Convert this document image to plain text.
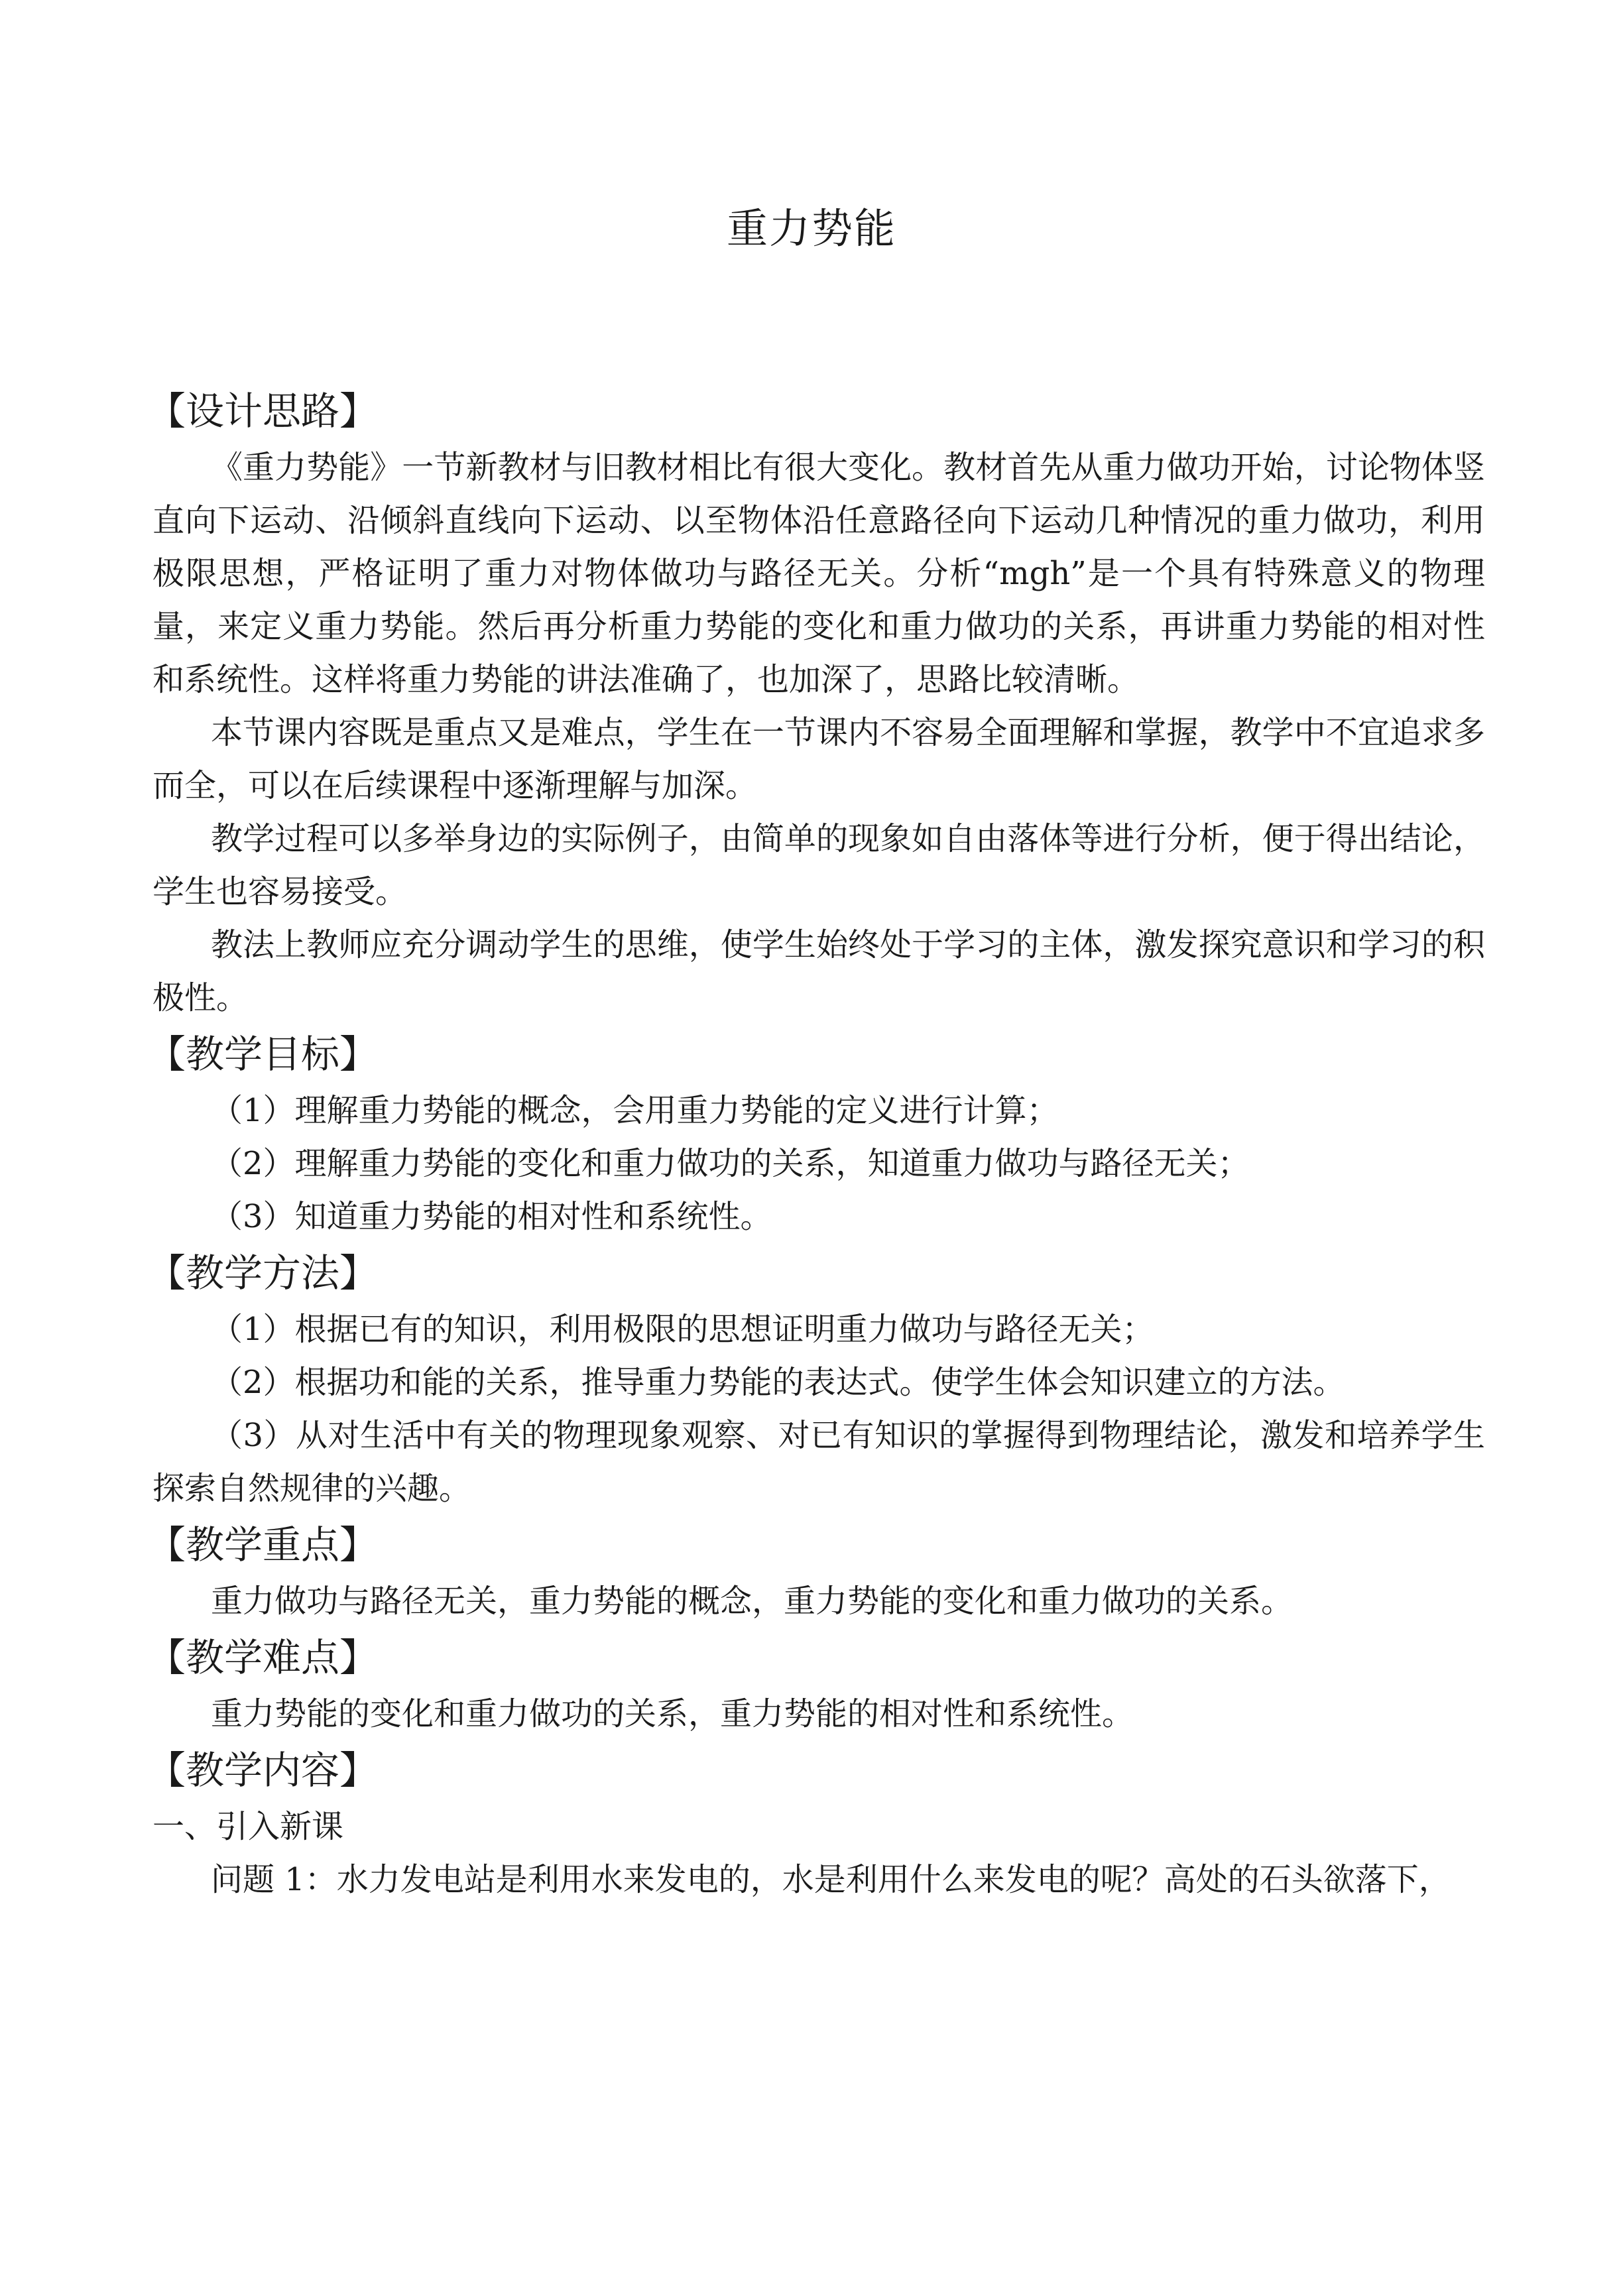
重力势能
【设计思路】

《重力势能》一节新教材与旧教材相比有很大变化。教材首先从重力做功开始，讨论物体竖直向下运动、沿倾斜直线向下运动、以至物体沿任意路径向下运动几种情况的重力做功，利用极限思想，严格证明了重力对物体做功与路径无关。分析“mgh”是一个具有特殊意义的物理量，来定义重力势能。然后再分析重力势能的变化和重力做功的关系，再讲重力势能的相对性和系统性。这样将重力势能的讲法准确了，也加深了，思路比较清晰。

本节课内容既是重点又是难点，学生在一节课内不容易全面理解和掌握，教学中不宜追求多而全，可以在后续课程中逐渐理解与加深。

教学过程可以多举身边的实际例子，由简单的现象如自由落体等进行分析，便于得出结论，学生也容易接受。

教法上教师应充分调动学生的思维，使学生始终处于学习的主体，激发探究意识和学习的积极性。

【教学目标】

（1）理解重力势能的概念，会用重力势能的定义进行计算；

（2）理解重力势能的变化和重力做功的关系，知道重力做功与路径无关；

（3）知道重力势能的相对性和系统性。

【教学方法】

（1）根据已有的知识，利用极限的思想证明重力做功与路径无关；

（2）根据功和能的关系，推导重力势能的表达式。使学生体会知识建立的方法。

（3）从对生活中有关的物理现象观察、对已有知识的掌握得到物理结论，激发和培养学生探索自然规律的兴趣。

【教学重点】

重力做功与路径无关，重力势能的概念，重力势能的变化和重力做功的关系。

【教学难点】

重力势能的变化和重力做功的关系，重力势能的相对性和系统性。

【教学内容】

一、引入新课

问题 1：水力发电站是利用水来发电的，水是利用什么来发电的呢？高处的石头欲落下，
